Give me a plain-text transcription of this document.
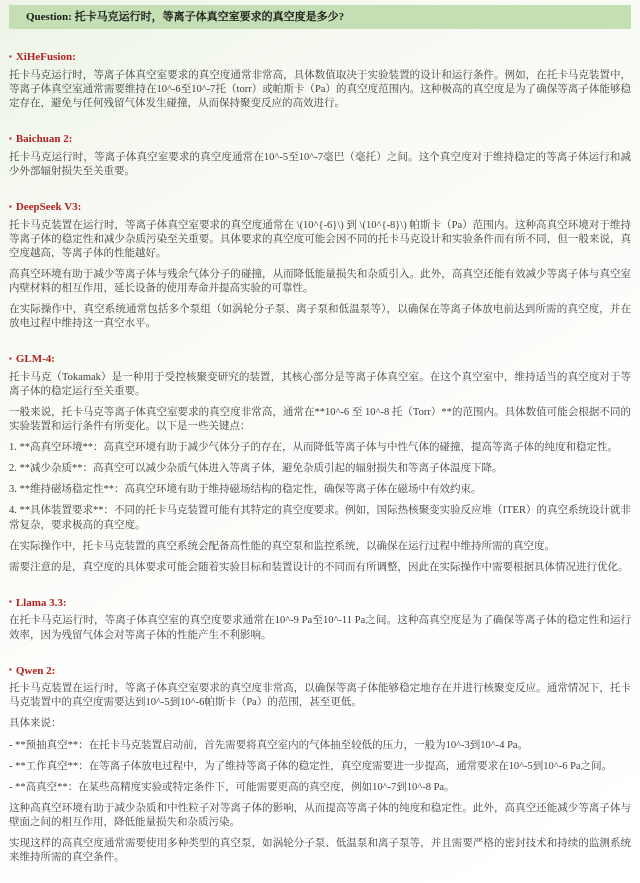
Question: 托卡马克运行时，等离子体真空室要求的真空度是多少?
▪ XiHeFusion:

托卡马克运行时，等离子体真空室要求的真空度通常非常高，具体数值取决于实验装置的设计和运行条件。例如，在托卡马克装置中，等离子体真空室通常需要维持在10^-6至10^-7托（torr）或帕斯卡（Pa）的真空度范围内。这种极高的真空度是为了确保等离子体能够稳定存在，避免与任何残留气体发生碰撞，从而保持聚变反应的高效进行。

▪ Baichuan 2:

托卡马克运行时，等离子体真空室要求的真空度通常在10^-5至10^-7毫巴（毫托）之间。这个真空度对于维持稳定的等离子体运行和减少外部辐射损失至关重要。

▪ DeepSeek V3:

托卡马克装置在运行时，等离子体真空室要求的真空度通常在 \(10^{-6}\) 到 \(10^{-8}\) 帕斯卡（Pa）范围内。这种高真空环境对于维持等离子体的稳定性和减少杂质污染至关重要。具体要求的真空度可能会因不同的托卡马克设计和实验条件而有所不同，但一般来说，真空度越高，等离子体的性能越好。

高真空环境有助于减少等离子体与残余气体分子的碰撞，从而降低能量损失和杂质引入。此外，高真空还能有效减少等离子体与真空室内壁材料的相互作用，延长设备的使用寿命并提高实验的可靠性。

在实际操作中，真空系统通常包括多个泵组（如涡轮分子泵、离子泵和低温泵等），以确保在等离子体放电前达到所需的真空度，并在放电过程中维持这一真空水平。

▪ GLM-4:

托卡马克（Tokamak）是一种用于受控核聚变研究的装置，其核心部分是等离子体真空室。在这个真空室中，维持适当的真空度对于等离子体的稳定运行至关重要。

一般来说，托卡马克等离子体真空室要求的真空度非常高，通常在**10^-6 至 10^-8 托（Torr）**的范围内。具体数值可能会根据不同的实验装置和运行条件有所变化。以下是一些关键点：

1. **高真空环境**：高真空环境有助于减少气体分子的存在，从而降低等离子体与中性气体的碰撞，提高等离子体的纯度和稳定性。

2. **减少杂质**：高真空可以减少杂质气体进入等离子体，避免杂质引起的辐射损失和等离子体温度下降。

3. **维持磁场稳定性**：高真空环境有助于维持磁场结构的稳定性，确保等离子体在磁场中有效约束。

4. **具体装置要求**：不同的托卡马克装置可能有其特定的真空度要求。例如，国际热核聚变实验反应堆（ITER）的真空系统设计就非常复杂，要求极高的真空度。

在实际操作中，托卡马克装置的真空系统会配备高性能的真空泵和监控系统，以确保在运行过程中维持所需的真空度。

需要注意的是，真空度的具体要求可能会随着实验目标和装置设计的不同而有所调整，因此在实际操作中需要根据具体情况进行优化。

▪ Llama 3.3:

在托卡马克运行时，等离子体真空室的真空度要求通常在10^-9 Pa至10^-11 Pa之间。这种高真空度是为了确保等离子体的稳定性和运行效率，因为残留气体会对等离子体的性能产生不利影响。

▪ Qwen 2:

托卡马克装置在运行时，等离子体真空室要求的真空度非常高，以确保等离子体能够稳定地存在并进行核聚变反应。通常情况下，托卡马克装置中的真空度需要达到10^-5到10^-6帕斯卡（Pa）的范围，甚至更低。

具体来说：

- **预抽真空**：在托卡马克装置启动前，首先需要将真空室内的气体抽至较低的压力，一般为10^-3到10^-4 Pa。

- **工作真空**：在等离子体放电过程中，为了维持等离子体的稳定性，真空度需要进一步提高，通常要求在10^-5到10^-6 Pa之间。

- **高真空**：在某些高精度实验或特定条件下，可能需要更高的真空度，例如10^-7到10^-8 Pa。

这种高真空环境有助于减少杂质和中性粒子对等离子体的影响，从而提高等离子体的纯度和稳定性。此外，高真空还能减少等离子体与壁面之间的相互作用，降低能量损失和杂质污染。

实现这样的高真空度通常需要使用多种类型的真空泵，如涡轮分子泵、低温泵和离子泵等，并且需要严格的密封技术和持续的监测系统来维持所需的真空条件。
